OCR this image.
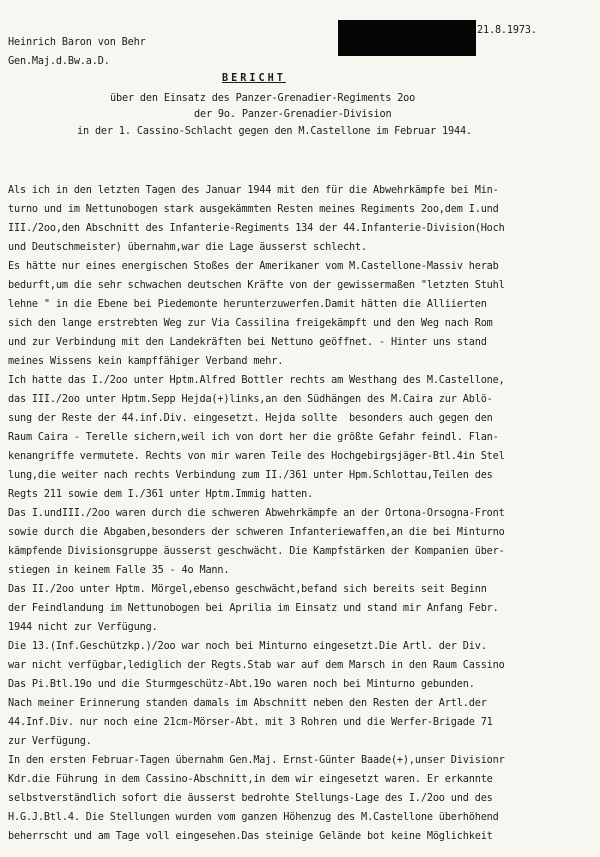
Heinrich Baron von Behr
Gen.Maj.d.Bw.a.D.
21.8.1973.
BERICHT
über den Einsatz des Panzer-Grenadier-Regiments 2oo
der 9o. Panzer-Grenadier-Division
in der 1. Cassino-Schlacht gegen den M.Castellone im Februar 1944.
Als ich in den letzten Tagen des Januar 1944 mit den für die Abwehrkämpfe bei Min-
turno und im Nettunobogen stark ausgekämmten Resten meines Regiments 2oo,dem I.und
III./2oo,den Abschnitt des Infanterie-Regiments 134 der 44.Infanterie-Division(Hoch
und Deutschmeister) übernahm,war die Lage äusserst schlecht.
Es hätte nur eines energischen Stoßes der Amerikaner vom M.Castellone-Massiv herab
bedurft,um die sehr schwachen deutschen Kräfte von der gewissermaßen "letzten Stuhl
lehne " in die Ebene bei Piedemonte herunterzuwerfen.Damit hätten die Alliierten
sich den lange erstrebten Weg zur Via Cassilina freigekämpft und den Weg nach Rom
und zur Verbindung mit den Landekräften bei Nettuno geöffnet. - Hinter uns stand
meines Wissens kein kampffähiger Verband mehr.
Ich hatte das I./2oo unter Hptm.Alfred Bottler rechts am Westhang des M.Castellone,
das III./2oo unter Hptm.Sepp Hejda(+)links,an den Südhängen des M.Caira zur Ablö-
sung der Reste der 44.inf.Div. eingesetzt. Hejda sollte  besonders auch gegen den
Raum Caira - Terelle sichern,weil ich von dort her die größte Gefahr feindl. Flan-
kenangriffe vermutete. Rechts von mir waren Teile des Hochgebirgsjäger-Btl.4in Stel
lung,die weiter nach rechts Verbindung zum II./361 unter Hpm.Schlottau,Teilen des
Regts 211 sowie dem I./361 unter Hptm.Immig hatten.
Das I.undIII./2oo waren durch die schweren Abwehrkämpfe an der Ortona-Orsogna-Front
sowie durch die Abgaben,besonders der schweren Infanteriewaffen,an die bei Minturno
kämpfende Divisionsgruppe äusserst geschwächt. Die Kampfstärken der Kompanien über-
stiegen in keinem Falle 35 - 4o Mann.
Das II./2oo unter Hptm. Mörgel,ebenso geschwächt,befand sich bereits seit Beginn
der Feindlandung im Nettunobogen bei Aprilia im Einsatz und stand mir Anfang Febr.
1944 nicht zur Verfügung.
Die 13.(Inf.Geschützkp.)/2oo war noch bei Minturno eingesetzt.Die Artl. der Div.
war nicht verfügbar,lediglich der Regts.Stab war auf dem Marsch in den Raum Cassino
Das Pi.Btl.19o und die Sturmgeschütz-Abt.19o waren noch bei Minturno gebunden.
Nach meiner Erinnerung standen damals im Abschnitt neben den Resten der Artl.der
44.Inf.Div. nur noch eine 21cm-Mörser-Abt. mit 3 Rohren und die Werfer-Brigade 71
zur Verfügung.
In den ersten Februar-Tagen übernahm Gen.Maj. Ernst-Günter Baade(+),unser Divisionr
Kdr.die Führung in dem Cassino-Abschnitt,in dem wir eingesetzt waren. Er erkannte
selbstverständlich sofort die äusserst bedrohte Stellungs-Lage des I./2oo und des
H.G.J.Btl.4. Die Stellungen wurden vom ganzen Höhenzug des M.Castellone überhöhend
beherrscht und am Tage voll eingesehen.Das steinige Gelände bot keine Möglichkeit
